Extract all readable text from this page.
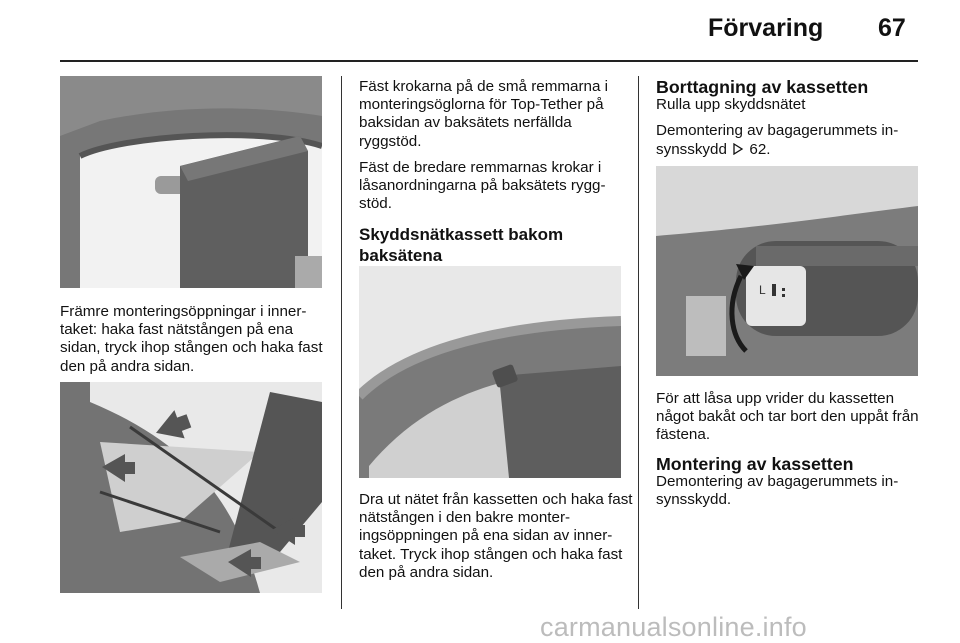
Förvaring 67

Främre monteringsöppningar i inner-taket: haka fast nätstången på ena sidan, tryck ihop stången och haka fast den på andra sidan.

Fäst krokarna på de små remmarna i monteringsöglorna för Top-Tether på baksidan av baksätets nerfällda ryggstöd.

Fäst de bredare remmarnas krokar i låsanordningarna på baksätets rygg-stöd.

Skyddsnätkassett bakom baksätena

Dra ut nätet från kassetten och haka fast nätstången i den bakre monter-ingsöppningen på ena sidan av inner-taket. Tryck ihop stången och haka fast den på andra sidan.

Borttagning av kassetten

Rulla upp skyddsnätet

Demontering av bagagerummets in-synsskydd 62.

L

För att låsa upp vrider du kassetten något bakåt och tar bort den uppåt från fästena.

Montering av kassetten

Demontering av bagagerummets in-synsskydd.

carmanualsonline.info
